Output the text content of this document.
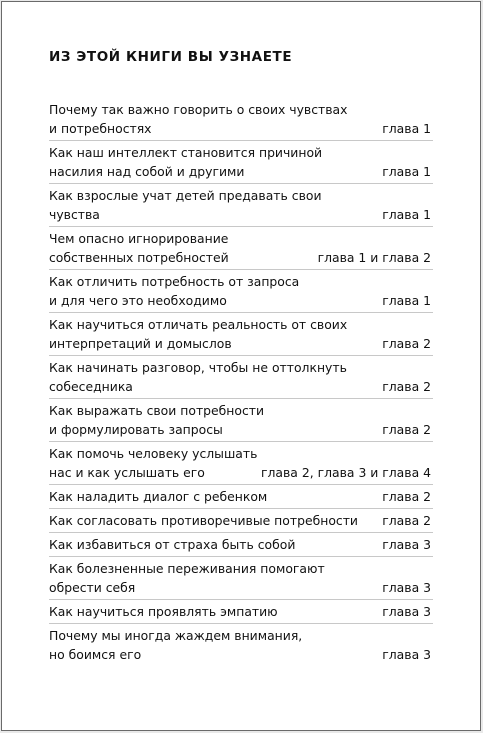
ИЗ ЭТОЙ КНИГИ ВЫ УЗНАЕТЕ
Почему так важно говорить о своих чувствах
и потребностях	глава 1
Как наш интеллект становится причиной
насилия над собой и другими	глава 1
Как взрослые учат детей предавать свои
чувства	глава 1
Чем опасно игнорирование
собственных потребностей	глава 1 и глава 2
Как отличить потребность от запроса
и для чего это необходимо	глава 1
Как научиться отличать реальность от своих
интерпретаций и домыслов	глава 2
Как начинать разговор, чтобы не оттолкнуть
собеседника	глава 2
Как выражать свои потребности
и формулировать запросы	глава 2
Как помочь человеку услышать
нас и как услышать его	глава 2, глава 3 и глава 4
Как наладить диалог с ребенком	глава 2
Как согласовать противоречивые потребности	глава 2
Как избавиться от страха быть собой	глава 3
Как болезненные переживания помогают
обрести себя	глава 3
Как научиться проявлять эмпатию	глава 3
Почему мы иногда жаждем внимания,
но боимся его	глава 3
